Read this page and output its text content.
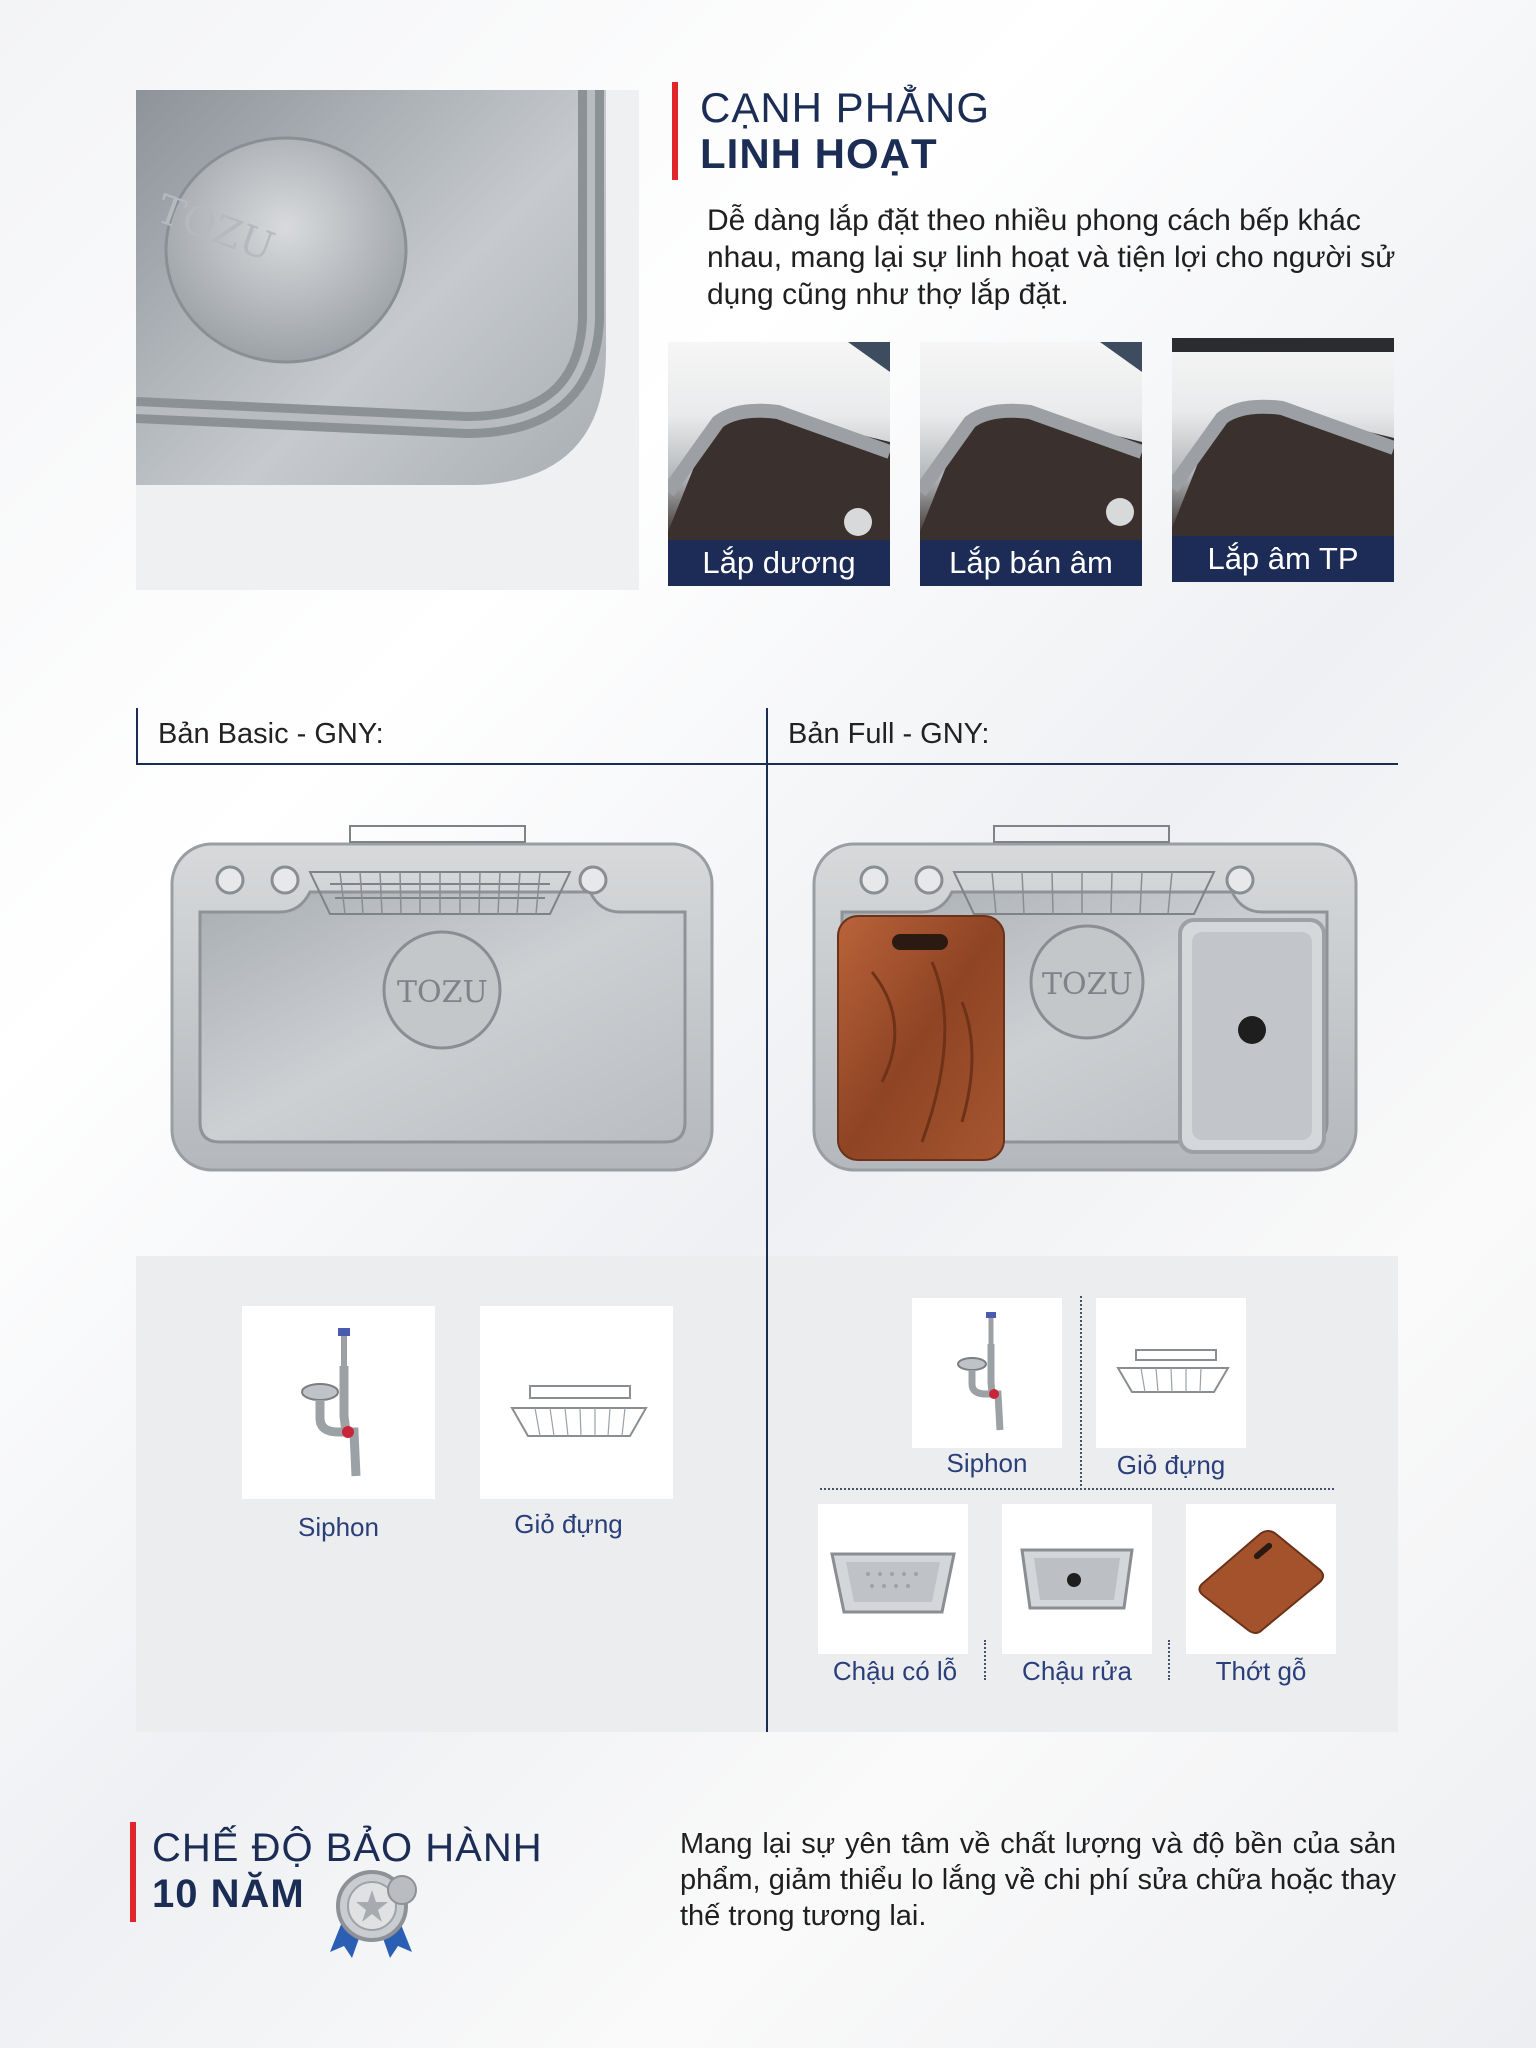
TOZU
CẠNH PHẲNG
LINH HOẠT
Dễ dàng lắp đặt theo nhiều phong cách bếp khác nhau, mang lại sự linh hoạt và tiện lợi cho người sử dụng cũng như thợ lắp đặt.
Lắp dương	Lắp bán âm	Lắp âm TP
Bản Basic - GNY:	Bản Full - GNY:
TOZU	TOZU
Siphon	Giỏ đựng
Siphon	Giỏ đựng
Chậu có lỗ	Chậu rửa	Thớt gỗ
CHẾ ĐỘ BẢO HÀNH
10 NĂM
Mang lại sự yên tâm về chất lượng và độ bền của sản phẩm, giảm thiểu lo lắng về chi phí sửa chữa hoặc thay thế trong tương lai.
